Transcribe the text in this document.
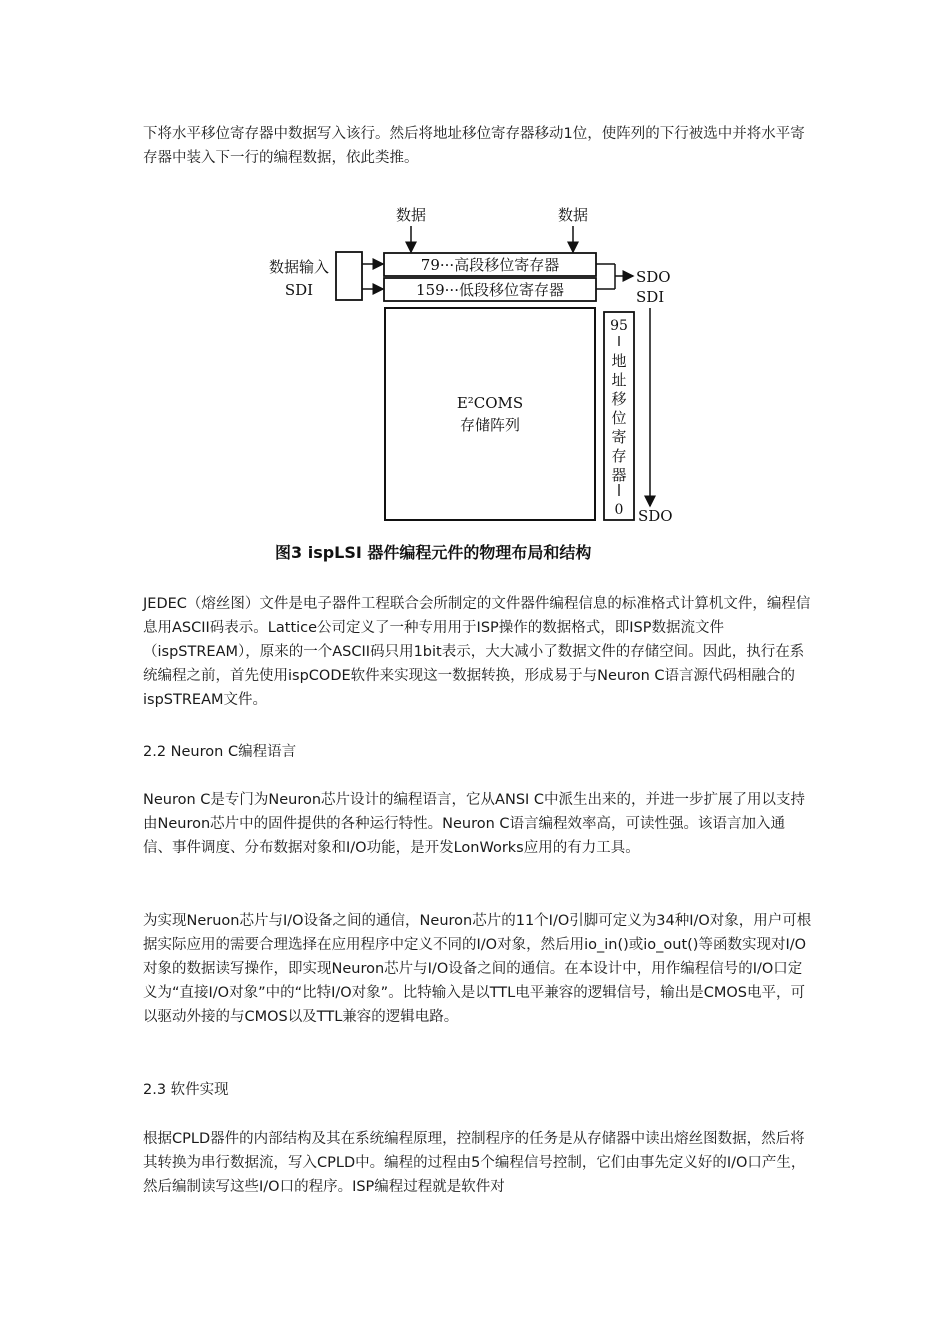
下将水平移位寄存器中数据写入该行。然后将地址移位寄存器移动1位，使阵列的下行被选中并将水平寄存器中装入下一行的编程数据，依此类推。

数据	数据
数据输入
SDI
79···高段移位寄存器
159···低段移位寄存器
SDO
SDI
E²COMS
存储阵列
95
地
址
移
位
寄
存
器
0 SDO
图3 ispLSI 器件编程元件的物理布局和结构

JEDEC（熔丝图）文件是电子器件工程联合会所制定的文件器件编程信息的标准格式计算机文件，编程信息用ASCII码表示。Lattice公司定义了一种专用用于ISP操作的数据格式，即ISP数据流文件（ispSTREAM），原来的一个ASCII码只用1bit表示，大大减小了数据文件的存储空间。因此，执行在系统编程之前，首先使用ispCODE软件来实现这一数据转换，形成易于与Neuron C语言源代码相融合的ispSTREAM文件。

2.2 Neuron C编程语言

Neuron C是专门为Neuron芯片设计的编程语言，它从ANSI C中派生出来的，并进一步扩展了用以支持由Neuron芯片中的固件提供的各种运行特性。Neuron C语言编程效率高，可读性强。该语言加入通信、事件调度、分布数据对象和I/O功能，是开发LonWorks应用的有力工具。

为实现Neruon芯片与I/O设备之间的通信，Neuron芯片的11个I/O引脚可定义为34种I/O对象，用户可根据实际应用的需要合理选择在应用程序中定义不同的I/O对象，然后用io_in()或io_out()等函数实现对I/O对象的数据读写操作，即实现Neuron芯片与I/O设备之间的通信。在本设计中，用作编程信号的I/O口定义为“直接I/O对象”中的“比特I/O对象”。比特输入是以TTL电平兼容的逻辑信号，输出是CMOS电平，可以驱动外接的与CMOS以及TTL兼容的逻辑电路。

2.3 软件实现

根据CPLD器件的内部结构及其在系统编程原理，控制程序的任务是从存储器中读出熔丝图数据，然后将其转换为串行数据流，写入CPLD中。编程的过程由5个编程信号控制，它们由事先定义好的I/O口产生，然后编制读写这些I/O口的程序。ISP编程过程就是软件对
